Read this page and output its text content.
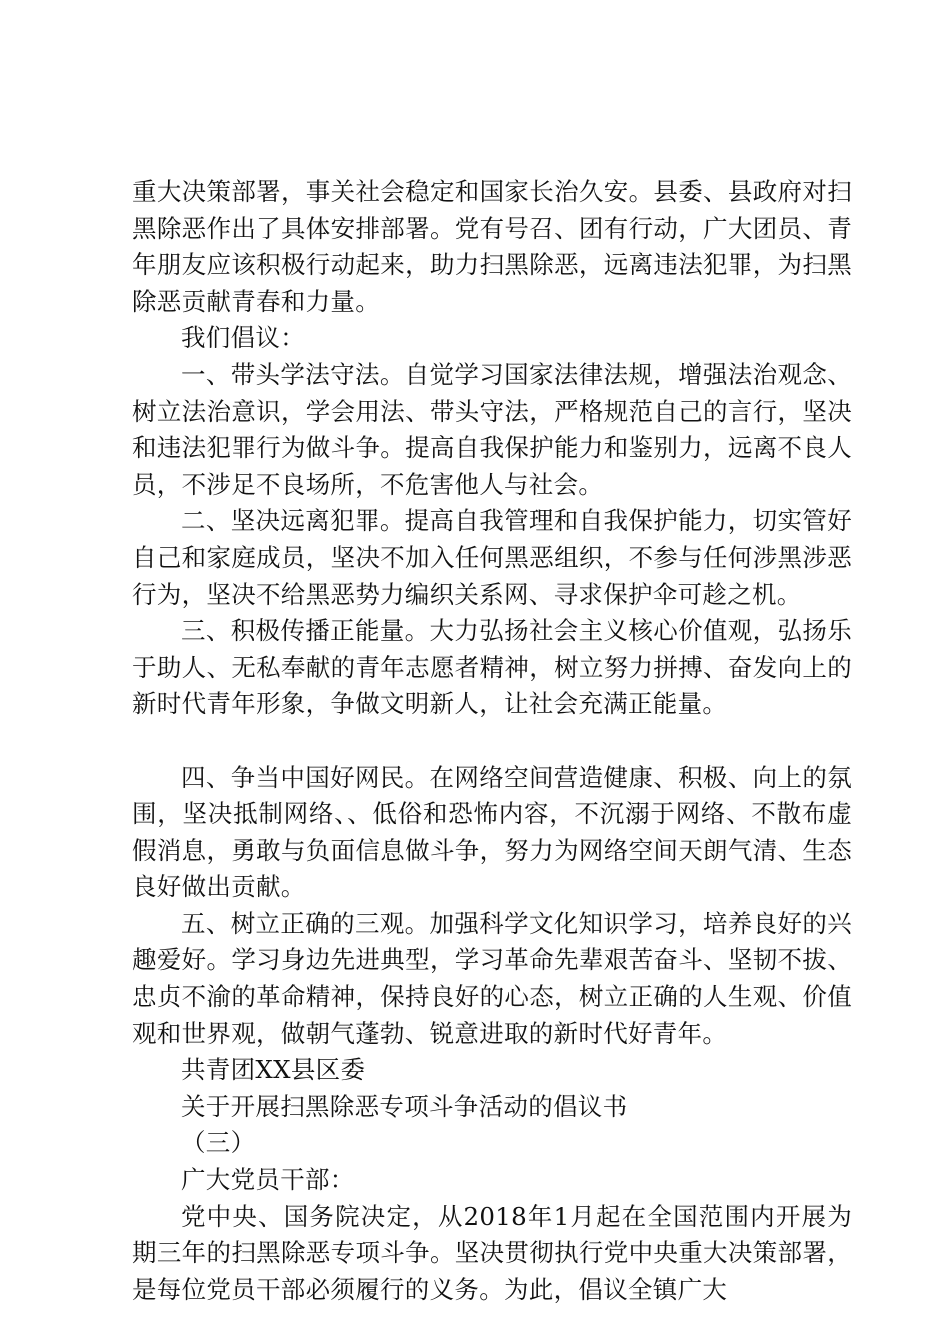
重大决策部署，事关社会稳定和国家长治久安。县委、县政府对扫黑除恶作出了具体安排部署。党有号召、团有行动，广大团员、青年朋友应该积极行动起来，助力扫黑除恶，远离违法犯罪，为扫黑除恶贡献青春和力量。

我们倡议：

一、带头学法守法。自觉学习国家法律法规，增强法治观念、树立法治意识，学会用法、带头守法，严格规范自己的言行，坚决和违法犯罪行为做斗争。提高自我保护能力和鉴别力，远离不良人员，不涉足不良场所，不危害他人与社会。

二、坚决远离犯罪。提高自我管理和自我保护能力，切实管好自己和家庭成员，坚决不加入任何黑恶组织，不参与任何涉黑涉恶行为，坚决不给黑恶势力编织关系网、寻求保护伞可趁之机。

三、积极传播正能量。大力弘扬社会主义核心价值观，弘扬乐于助人、无私奉献的青年志愿者精神，树立努力拼搏、奋发向上的新时代青年形象，争做文明新人，让社会充满正能量。

四、争当中国好网民。在网络空间营造健康、积极、向上的氛围，坚决抵制网络、、低俗和恐怖内容，不沉溺于网络、不散布虚假消息，勇敢与负面信息做斗争，努力为网络空间天朗气清、生态良好做出贡献。

五、树立正确的三观。加强科学文化知识学习，培养良好的兴趣爱好。学习身边先进典型，学习革命先辈艰苦奋斗、坚韧不拔、忠贞不渝的革命精神，保持良好的心态，树立正确的人生观、价值观和世界观，做朝气蓬勃、锐意进取的新时代好青年。

共青团XX县区委

关于开展扫黑除恶专项斗争活动的倡议书

（三）

广大党员干部：

党中央、国务院决定，从2018年1月起在全国范围内开展为期三年的扫黑除恶专项斗争。坚决贯彻执行党中央重大决策部署，是每位党员干部必须履行的义务。为此，倡议全镇广大
